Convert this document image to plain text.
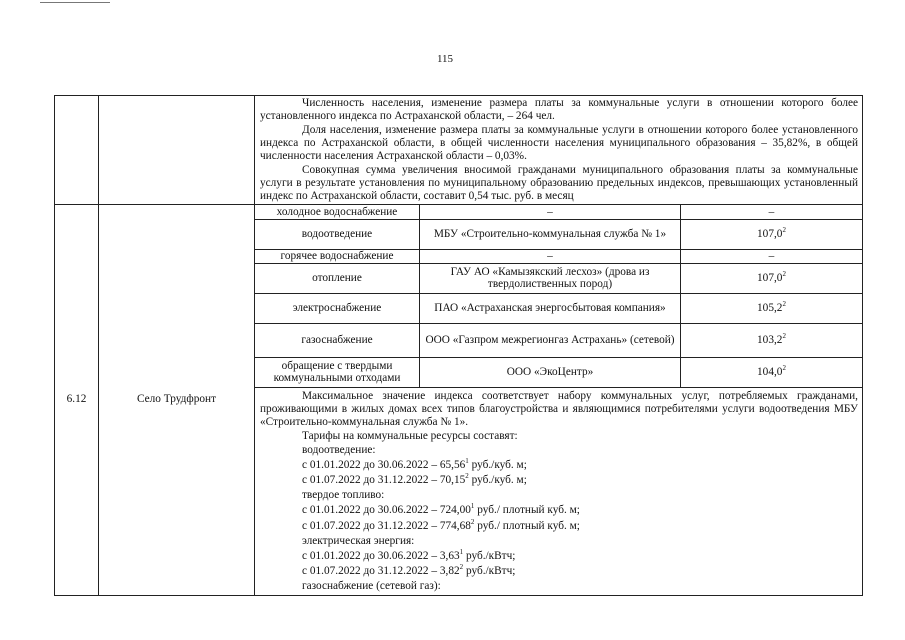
115

Численность населения, изменение размера платы за коммунальные услуги в отношении которого более установленного индекса по Астраханской области, – 264 чел.

Доля населения, изменение размера платы за коммунальные услуги в отношении которого более установленного индекса по Астраханской области, в общей численности населения муниципального образования – 35,82%, в общей численности населения Астраханской области – 0,03%.

Совокупная сумма увеличения вносимой гражданами муниципального образования платы за коммунальные услуги в результате установления по муниципальному образованию предельных индексов, превышающих установленный индекс по Астраханской области, составит 0,54 тыс. руб. в месяц

6.12	Село Трудфронт	
холодное водоснабжение	–	–
водоотведение	МБУ «Строительно-коммунальная служба № 1»	107,0$^2$
горячее водоснабжение	–	–
отопление	ГАУ АО «Камызякский лесхоз» (дрова из твердолиственных пород)	107,0$^2$
электроснабжение	ПАО «Астраханская энергосбытовая компания»	105,2$^2$
газоснабжение	ООО «Газпром межрегионгаз Астрахань» (сетевой)	103,2$^2$
обращение с твердыми коммунальными отходами	ООО «ЭкоЦентр»	104,0$^2$

Максимальное значение индекса соответствует набору коммунальных услуг, потребляемых гражданами, проживающими в жилых домах всех типов благоустройства и являющимися потребителями услуги водоотведения МБУ «Строительно-коммунальная служба № 1».

Тарифы на коммунальные ресурсы составят:

водоотведение:
с 01.01.2022 до 30.06.2022 – 65,56$^1$ руб./куб. м;
с 01.07.2022 до 31.12.2022 – 70,15$^2$ руб./куб. м;
твердое топливо:
с 01.01.2022 до 30.06.2022 – 724,00$^1$ руб./ плотный куб. м;
с 01.07.2022 до 31.12.2022 – 774,68$^2$ руб./ плотный куб. м;
электрическая энергия:
с 01.01.2022 до 30.06.2022 – 3,63$^1$ руб./кВтч;
с 01.07.2022 до 31.12.2022 – 3,82$^2$ руб./кВтч;
газоснабжение (сетевой газ):
